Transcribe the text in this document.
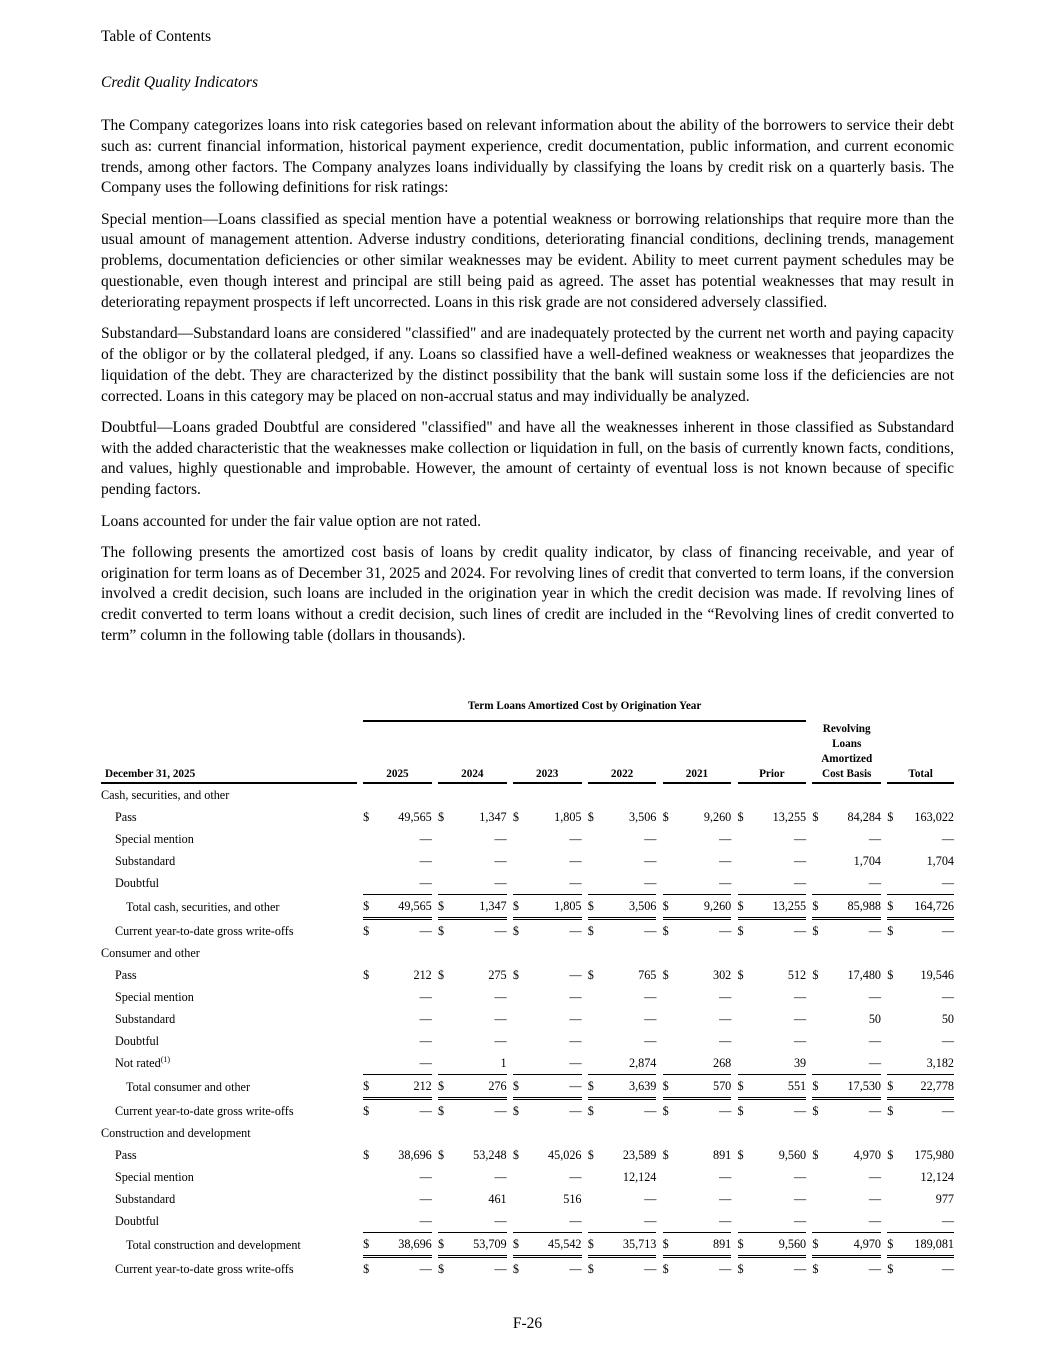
Table of Contents
Credit Quality Indicators

The Company categorizes loans into risk categories based on relevant information about the ability of the borrowers to service their debt such as: current financial information, historical payment experience, credit documentation, public information, and current economic trends, among other factors. The Company analyzes loans individually by classifying the loans by credit risk on a quarterly basis. The Company uses the following definitions for risk ratings:

Special mention—Loans classified as special mention have a potential weakness or borrowing relationships that require more than the usual amount of management attention. Adverse industry conditions, deteriorating financial conditions, declining trends, management problems, documentation deficiencies or other similar weaknesses may be evident. Ability to meet current payment schedules may be questionable, even though interest and principal are still being paid as agreed. The asset has potential weaknesses that may result in deteriorating repayment prospects if left uncorrected. Loans in this risk grade are not considered adversely classified.

Substandard—Substandard loans are considered "classified" and are inadequately protected by the current net worth and paying capacity of the obligor or by the collateral pledged, if any. Loans so classified have a well-defined weakness or weaknesses that jeopardizes the liquidation of the debt. They are characterized by the distinct possibility that the bank will sustain some loss if the deficiencies are not corrected. Loans in this category may be placed on non-accrual status and may individually be analyzed.

Doubtful—Loans graded Doubtful are considered "classified" and have all the weaknesses inherent in those classified as Substandard with the added characteristic that the weaknesses make collection or liquidation in full, on the basis of currently known facts, conditions, and values, highly questionable and improbable. However, the amount of certainty of eventual loss is not known because of specific pending factors.

Loans accounted for under the fair value option are not rated.

The following presents the amortized cost basis of loans by credit quality indicator, by class of financing receivable, and year of origination for term loans as of December 31, 2025 and 2024. For revolving lines of credit that converted to term loans, if the conversion involved a credit decision, such loans are included in the origination year in which the credit decision was made. If revolving lines of credit converted to term loans without a credit decision, such lines of credit are included in the “Revolving lines of credit converted to term” column in the following table (dollars in thousands).

		Term Loans Amortized Cost by Origination Year																						
December 31, 2025		2025			2024			2023			2022			2021			Prior			Revolving
Loans
Amortized
Cost Basis			Total	
Cash, securities, and other																								
Pass		$	49,565		$	1,347		$	1,805		$	3,506		$	9,260		$	13,255		$	84,284		$	163,022
Special mention			—			—			—			—			—			—			—			—
Substandard			—			—			—			—			—			—			1,704			1,704
Doubtful			—			—			—			—			—			—			—			—
Total cash, securities, and other		$	49,565		$	1,347		$	1,805		$	3,506		$	9,260		$	13,255		$	85,988		$	164,726
Current year-to-date gross write-offs		$	—		$	—		$	—		$	—		$	—		$	—		$	—		$	—
Consumer and other																								
Pass		$	212		$	275		$	—		$	765		$	302		$	512		$	17,480		$	19,546
Special mention			—			—			—			—			—			—			—			—
Substandard			—			—			—			—			—			—			50			50
Doubtful			—			—			—			—			—			—			—			—
Not rated$^{(1)}$			—			1			—			2,874			268			39			—			3,182
Total consumer and other		$	212		$	276		$	—		$	3,639		$	570		$	551		$	17,530		$	22,778
Current year-to-date gross write-offs		$	—		$	—		$	—		$	—		$	—		$	—		$	—		$	—
Construction and development																								
Pass		$	38,696		$	53,248		$	45,026		$	23,589		$	891		$	9,560		$	4,970		$	175,980
Special mention			—			—			—			12,124			—			—			—			12,124
Substandard			—			461			516			—			—			—			—			977
Doubtful			—			—			—			—			—			—			—			—
Total construction and development		$	38,696		$	53,709		$	45,542		$	35,713		$	891		$	9,560		$	4,970		$	189,081
Current year-to-date gross write-offs		$	—		$	—		$	—		$	—		$	—		$	—		$	—		$	—
F-26
